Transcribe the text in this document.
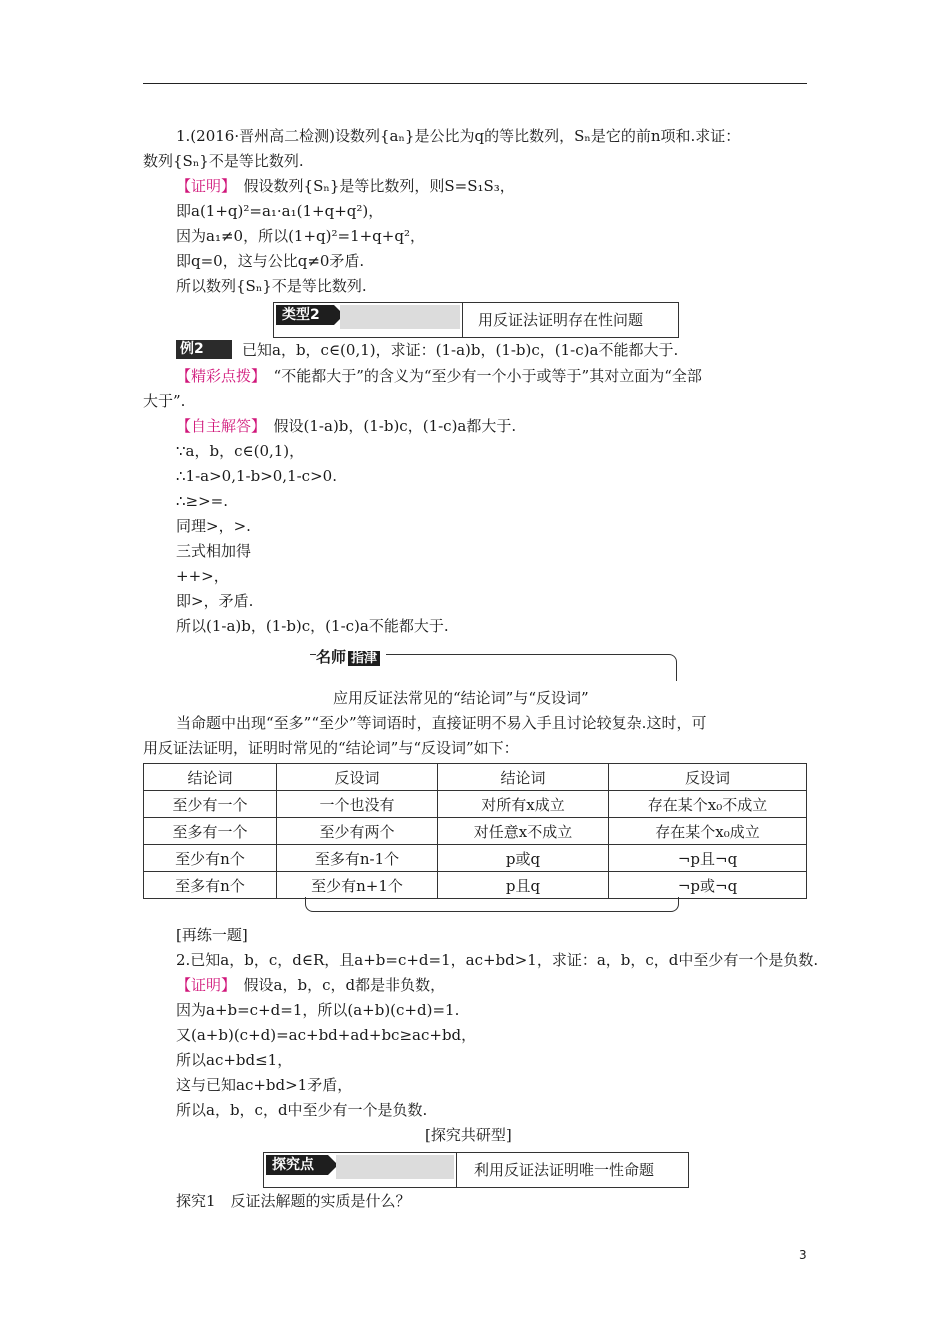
1.(2016·晋州高二检测)设数列{aₙ}是公比为q的等比数列，Sₙ是它的前n项和.求证：
数列{Sₙ}不是等比数列.
【证明】　 假设数列{Sₙ}是等比数列，则S=S₁S₃，
即a(1+q)²=a₁·a₁(1+q+q²)，
因为a₁≠0，所以(1+q)²=1+q+q²，
即q=0，这与公比q≠0矛盾.
所以数列{Sₙ}不是等比数列.
类型2	用反证法证明存在性问题
例2	已知a，b，c∈(0,1)，求证：(1-a)b，(1-b)c，(1-c)a不能都大于.
【精彩点拨】　 “不能都大于”的含义为“至少有一个小于或等于”其对立面为“全部
大于”.
【自主解答】　 假设(1-a)b，(1-b)c，(1-c)a都大于.
∵a，b，c∈(0,1)，
∴1-a>0,1-b>0,1-c>0.
∴≥>=.
同理>，>.
三式相加得
++>，
即>，矛盾.
所以(1-a)b，(1-b)c，(1-c)a不能都大于.
名师 指津
应用反证法常见的“结论词”与“反设词”
当命题中出现“至多”“至少”等词语时，直接证明不易入手且讨论较复杂.这时，可
用反证法证明，证明时常见的“结论词”与“反设词”如下：
结论词	反设词	结论词	反设词
至少有一个	一个也没有	对所有x成立	存在某个x₀不成立
至多有一个	至少有两个	对任意x不成立	存在某个x₀成立
至少有n个	至多有n-1个	p或q	¬p且¬q
至多有n个	至少有n+1个	p且q	¬p或¬q
[再练一题]
2.已知a，b，c，d∈R，且a+b=c+d=1，ac+bd>1，求证：a，b，c，d中至少有一个是负数.
【证明】　 假设a，b，c，d都是非负数，
因为a+b=c+d=1，所以(a+b)(c+d)=1.
又(a+b)(c+d)=ac+bd+ad+bc≥ac+bd，
所以ac+bd≤1，
这与已知ac+bd>1矛盾，
所以a，b，c，d中至少有一个是负数.
[探究共研型]
探究点	利用反证法证明唯一性命题
探究1　反证法解题的实质是什么？
3
